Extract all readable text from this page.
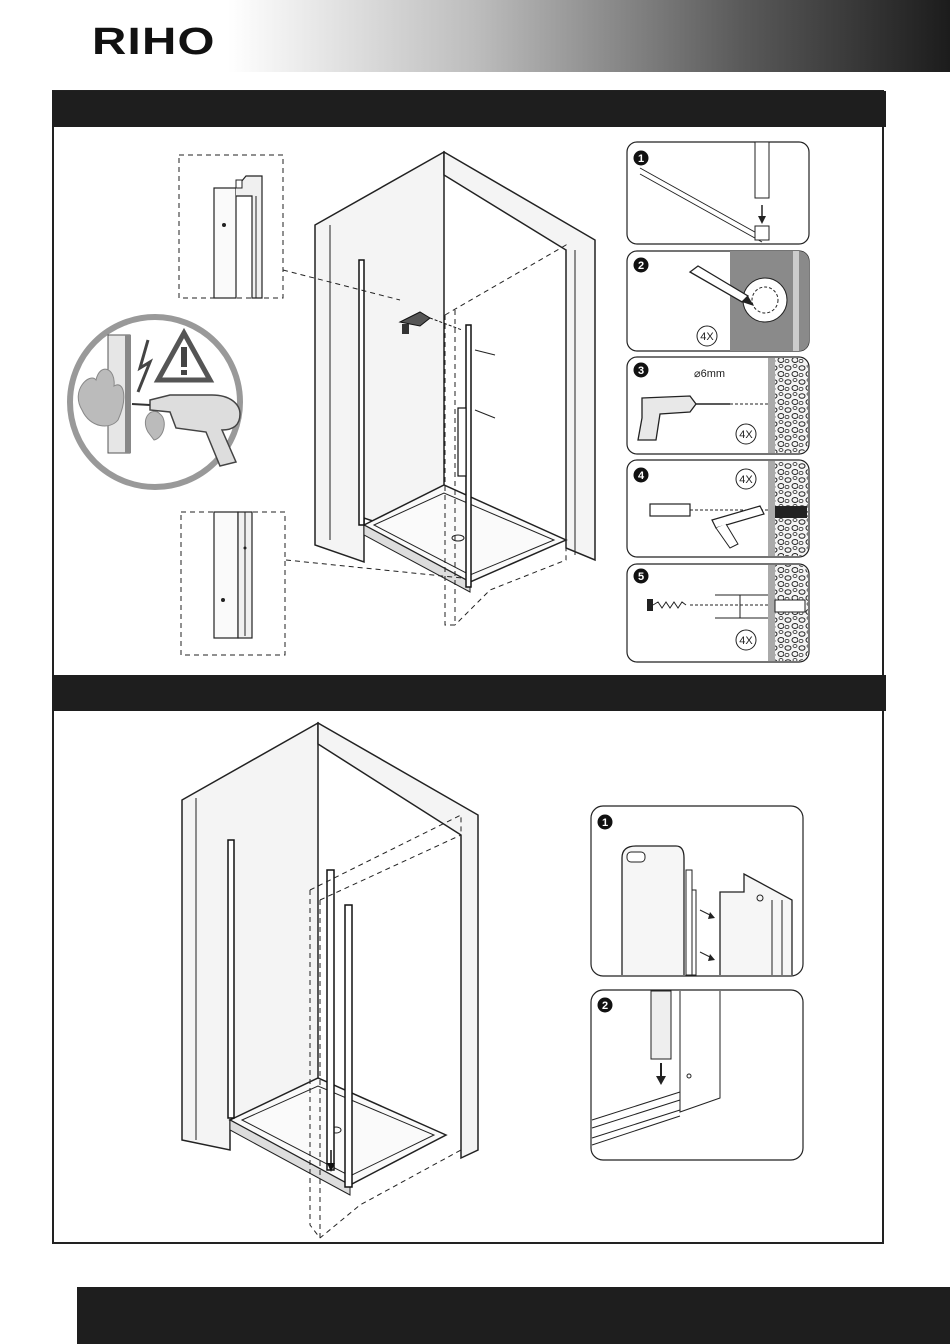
RIHO
1
2
4X
3	⌀6mm
4X
4	4X
5
4X
1
2
